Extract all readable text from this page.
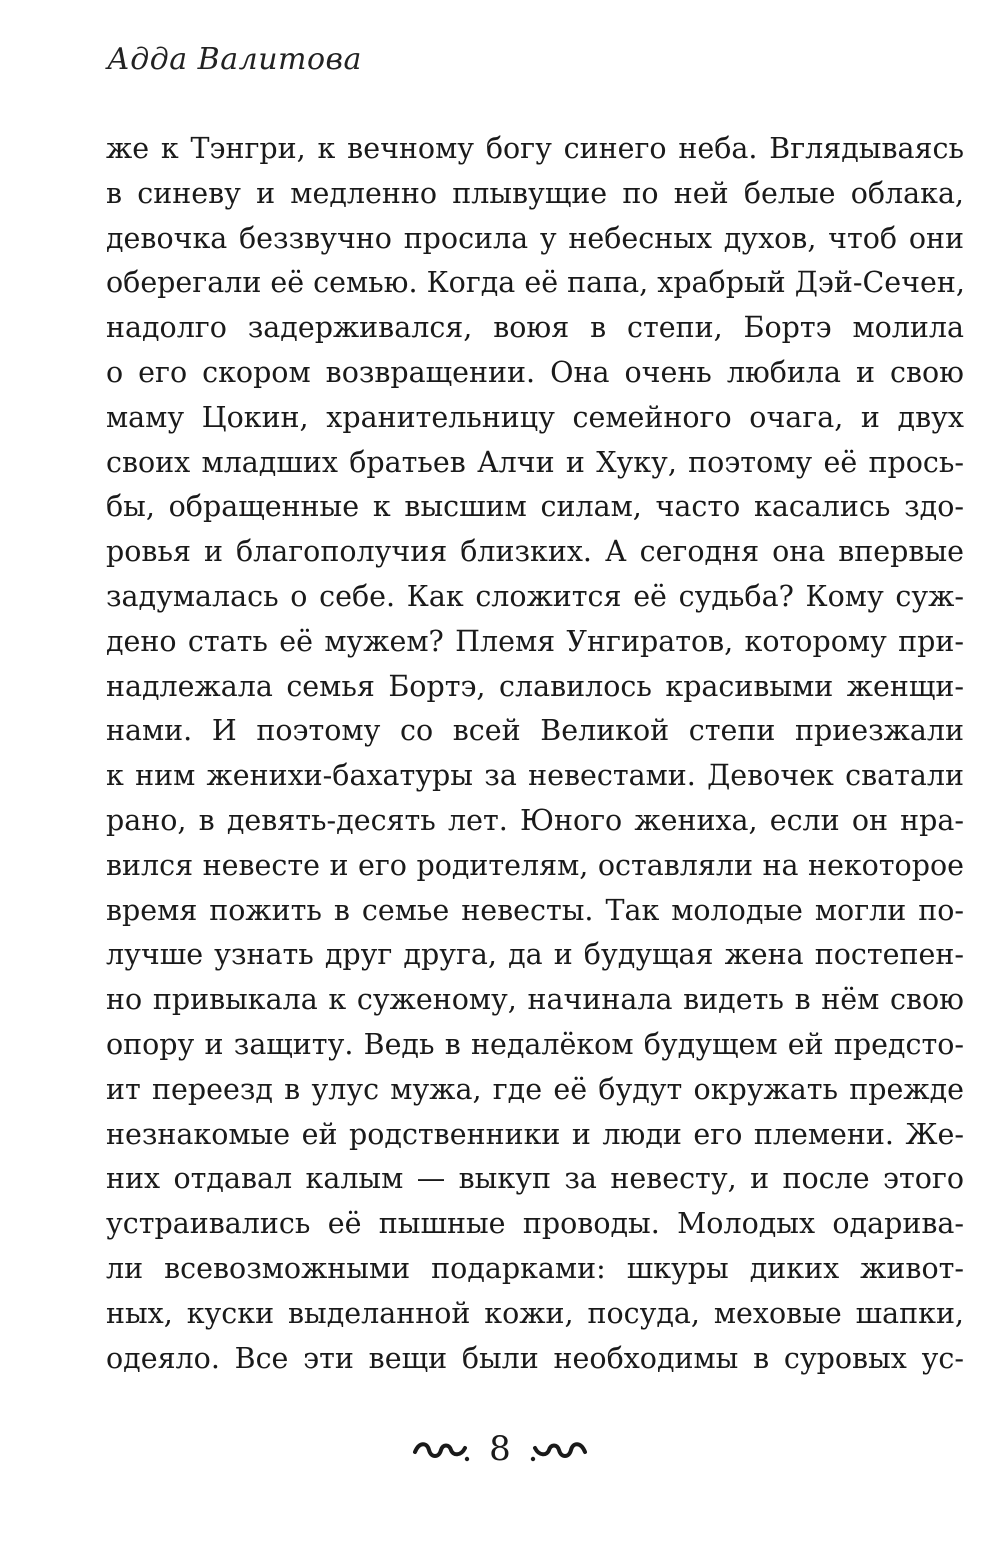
Адда Валитова
же к Тэнгри, к вечному богу синего неба. Вглядываясь
в синеву и медленно плывущие по ней белые облака,
девочка беззвучно просила у небесных духов, чтоб они
оберегали её семью. Когда её папа, храбрый Дэй-Сечен,
надолго задерживался, воюя в степи, Бортэ молила
о его скором возвращении. Она очень любила и свою
маму Цокин, хранительницу семейного очага, и двух
своих младших братьев Алчи и Хуку, поэтому её прось-
бы, обращенные к высшим силам, часто касались здо-
ровья и благополучия близких. А сегодня она впервые
задумалась о себе. Как сложится её судьба? Кому суж-
дено стать её мужем? Племя Унгиратов, которому при-
надлежала семья Бортэ, славилось красивыми женщи-
нами. И поэтому со всей Великой степи приезжали
к ним женихи-бахатуры за невестами. Девочек сватали
рано, в девять-десять лет. Юного жениха, если он нра-
вился невесте и его родителям, оставляли на некоторое
время пожить в семье невесты. Так молодые могли по-
лучше узнать друг друга, да и будущая жена постепен-
но привыкала к суженому, начинала видеть в нём свою
опору и защиту. Ведь в недалёком будущем ей предсто-
ит переезд в улус мужа, где её будут окружать прежде
незнакомые ей родственники и люди его племени. Же-
них отдавал калым — выкуп за невесту, и после этого
устраивались её пышные проводы. Молодых одарива-
ли всевозможными подарками: шкуры диких живот-
ных, куски выделанной кожи, посуда, меховые шапки,
одеяло. Все эти вещи были необходимы в суровых ус-
8
